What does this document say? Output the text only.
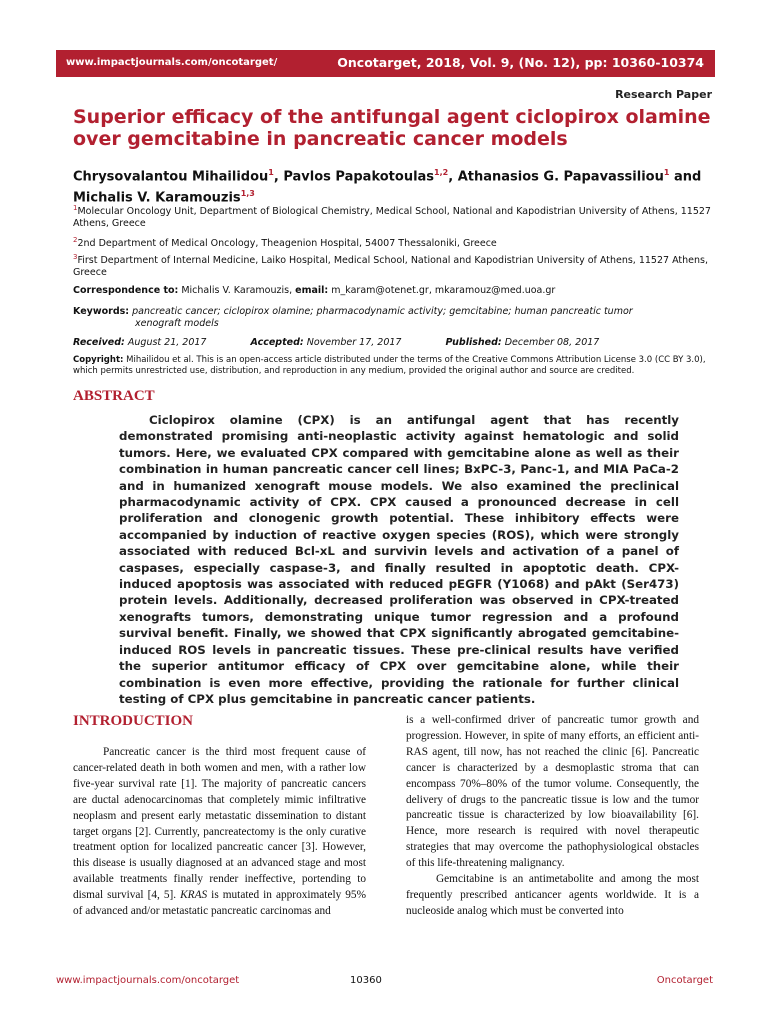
www.impactjournals.com/oncotarget/	Oncotarget, 2018, Vol. 9, (No. 12), pp: 10360-10374
Research Paper
Superior efficacy of the antifungal agent ciclopirox olamine over gemcitabine in pancreatic cancer models
Chrysovalantou Mihailidou$^1$, Pavlos Papakotoulas$^{1,2}$, Athanasios G. Papavassiliou$^1$ and Michalis V. Karamouzis$^{1,3}$
$^1$Molecular Oncology Unit, Department of Biological Chemistry, Medical School, National and Kapodistrian University of Athens, 11527 Athens, Greece
$^2$2nd Department of Medical Oncology, Theagenion Hospital, 54007 Thessaloniki, Greece
$^3$First Department of Internal Medicine, Laiko Hospital, Medical School, National and Kapodistrian University of Athens, 11527 Athens, Greece
Correspondence to: Michalis V. Karamouzis, email: m_karam@otenet.gr, mkaramouz@med.uoa.gr
Keywords: pancreatic cancer; ciclopirox olamine; pharmacodynamic activity; gemcitabine; human pancreatic tumor
xenograft models
Received: August 21, 2017	Accepted: November 17, 2017	Published: December 08, 2017
Copyright: Mihailidou et al. This is an open-access article distributed under the terms of the Creative Commons Attribution License 3.0 (CC BY 3.0), which permits unrestricted use, distribution, and reproduction in any medium, provided the original author and source are credited.
ABSTRACT

Ciclopirox olamine (CPX) is an antifungal agent that has recently demonstrated promising anti-neoplastic activity against hematologic and solid tumors. Here, we evaluated CPX compared with gemcitabine alone as well as their combination in human pancreatic cancer cell lines; BxPC-3, Panc-1, and MIA PaCa-2 and in humanized xenograft mouse models. We also examined the preclinical pharmacodynamic activity of CPX. CPX caused a pronounced decrease in cell proliferation and clonogenic growth potential. These inhibitory effects were accompanied by induction of reactive oxygen species (ROS), which were strongly associated with reduced Bcl-xL and survivin levels and activation of a panel of caspases, especially caspase-3, and finally resulted in apoptotic death. CPX-induced apoptosis was associated with reduced pEGFR (Y1068) and pAkt (Ser473) protein levels. Additionally, decreased proliferation was observed in CPX-treated xenografts tumors, demonstrating unique tumor regression and a profound survival benefit. Finally, we showed that CPX significantly abrogated gemcitabine-induced ROS levels in pancreatic tissues. These pre-clinical results have verified the superior antitumor efficacy of CPX over gemcitabine alone, while their combination is even more effective, providing the rationale for further clinical testing of CPX plus gemcitabine in pancreatic cancer patients.

INTRODUCTION

Pancreatic cancer is the third most frequent cause of cancer-related death in both women and men, with a rather low five-year survival rate [1]. The majority of pancreatic cancers are ductal adenocarcinomas that completely mimic infiltrative neoplasm and present early metastatic dissemination to distant target organs [2]. Currently, pancreatectomy is the only curative treatment option for localized pancreatic cancer [3]. However, this disease is usually diagnosed at an advanced stage and most available treatments finally render ineffective, portending to dismal survival [4, 5]. KRAS is mutated in approximately 95% of advanced and/or metastatic pancreatic carcinomas and

is a well-confirmed driver of pancreatic tumor growth and progression. However, in spite of many efforts, an efficient anti-RAS agent, till now, has not reached the clinic [6]. Pancreatic cancer is characterized by a desmoplastic stroma that can encompass 70%–80% of the tumor volume. Consequently, the delivery of drugs to the pancreatic tissue is low and the tumor pancreatic tissue is characterized by low bioavailability [6]. Hence, more research is required with novel therapeutic strategies that may overcome the pathophysiological obstacles of this life-threatening malignancy.

Gemcitabine is an antimetabolite and among the most frequently prescribed anticancer agents worldwide. It is a nucleoside analog which must be converted into

www.impactjournals.com/oncotarget	10360	Oncotarget
